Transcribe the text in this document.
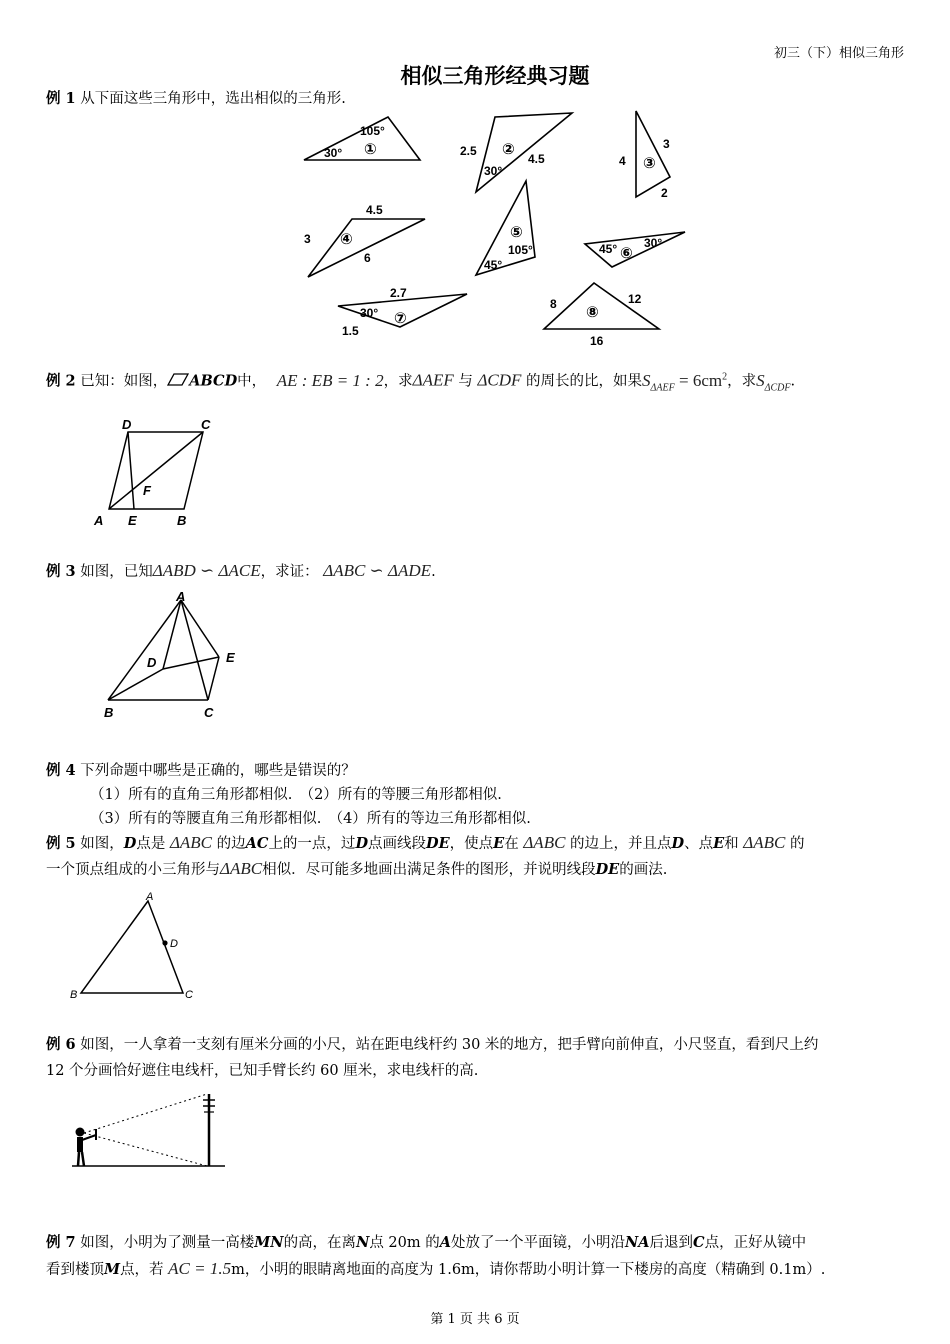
初三（下）相似三角形
相似三角形经典习题
例 1 从下面这些三角形中，选出相似的三角形.
30°
105°
①	2.5
4.5
30°
②
4
3
2
③
4.5
3
6
④
105°
45°
⑤
45° 30°
⑥
2.7
1.5
30° ⑦
8	12
16
⑧
例 2 已知：如图， ABCD中， AE : EB = 1 : 2，求ΔAEF 与 ΔCDF 的周长的比，如果$S_{\Delta AEF} = 6cm^2$，求$S_{\Delta CDF}$.
D	C
F
A E	B
例 3 如图，已知ΔABD ∽ ΔACE，求证： ΔABC ∽ ΔADE.
A
D	E
B	C
例 4 下列命题中哪些是正确的，哪些是错误的？
（1）所有的直角三角形都相似.　（2）所有的等腰三角形都相似.
（3）所有的等腰直角三角形都相似.　（4）所有的等边三角形都相似.
例 5 如图，D点是 ΔABC 的边AC上的一点，过D点画线段DE，使点E在 ΔABC 的边上，并且点D、点E和 ΔABC 的
一个顶点组成的小三角形与ΔABC相似．尽可能多地画出满足条件的图形，并说明线段DE的画法.
A
D
B	C
例 6 如图，一人拿着一支刻有厘米分画的小尺，站在距电线杆约 30 米的地方，把手臂向前伸直，小尺竖直，看到尺上约
12 个分画恰好遮住电线杆，已知手臂长约 60 厘米，求电线杆的高.
例 7 如图，小明为了测量一高楼MN的高，在离N点 20m 的A处放了一个平面镜，小明沿NA后退到C点，正好从镜中
看到楼顶M点，若 AC = 1.5m，小明的眼睛离地面的高度为 1.6m，请你帮助小明计算一下楼房的高度（精确到 0.1m）.
第 1 页 共 6 页
